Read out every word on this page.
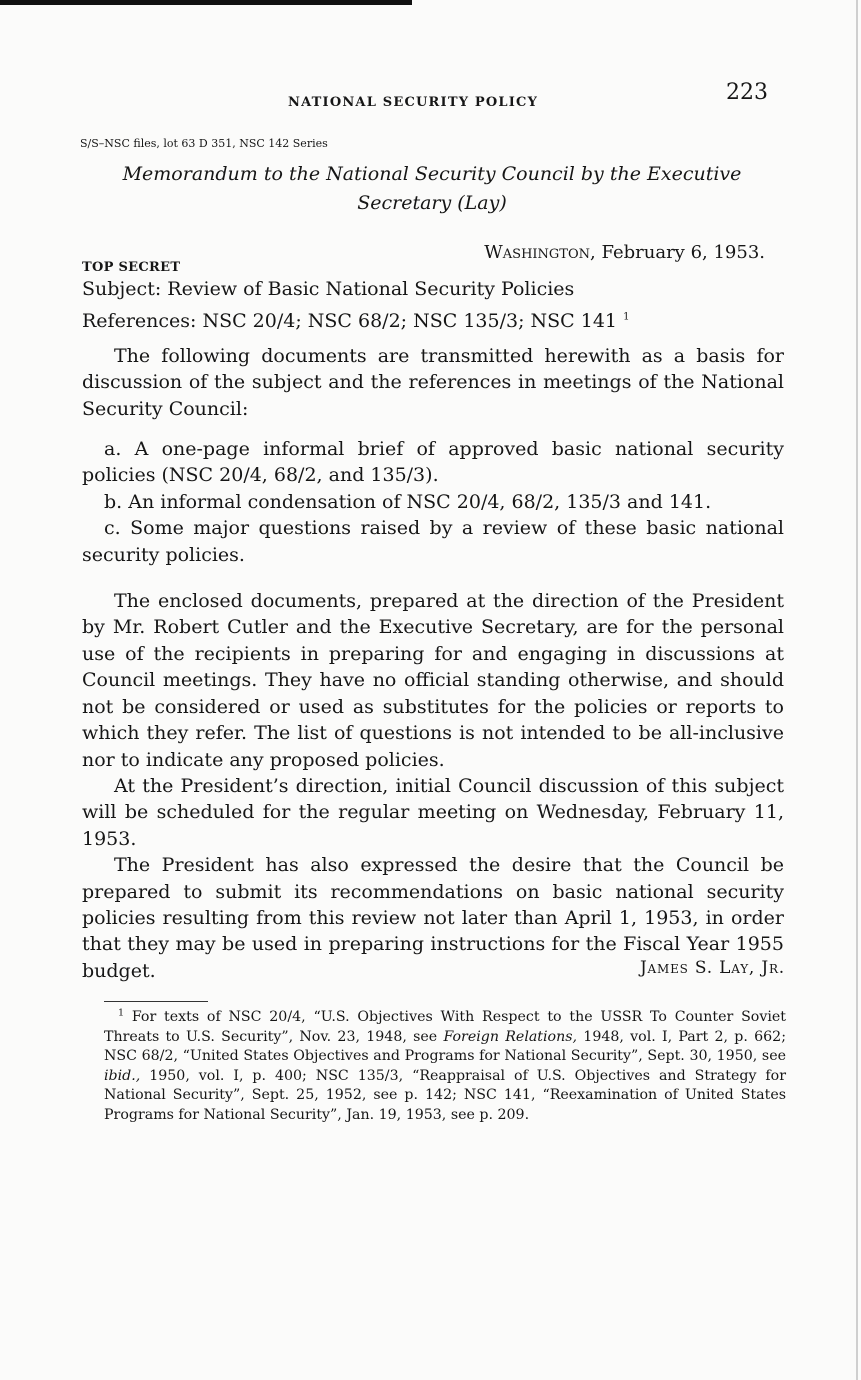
NATIONAL SECURITY POLICY	223
S/S–NSC files, lot 63 D 351, NSC 142 Series
Memorandum to the National Security Council by the Executive
Secretary (Lay)
TOP SECRET
Washington, February 6, 1953.

Subject: Review of Basic National Security Policies

References: NSC 20/4; NSC 68/2; NSC 135/3; NSC 141 $^1$

The following documents are transmitted herewith as a basis for discussion of the subject and the references in meetings of the National Security Council:

a. A one-page informal brief of approved basic national security policies (NSC 20/4, 68/2, and 135/3).

b. An informal condensation of NSC 20/4, 68/2, 135/3 and 141.

c. Some major questions raised by a review of these basic national security policies.

The enclosed documents, prepared at the direction of the President by Mr. Robert Cutler and the Executive Secretary, are for the personal use of the recipients in preparing for and engaging in discussions at Council meetings. They have no official standing otherwise, and should not be considered or used as substitutes for the policies or reports to which they refer. The list of questions is not intended to be all-inclusive nor to indicate any proposed policies.

At the President’s direction, initial Council discussion of this subject will be scheduled for the regular meeting on Wednesday, February 11, 1953.

The President has also expressed the desire that the Council be prepared to submit its recommendations on basic national security policies resulting from this review not later than April 1, 1953, in order that they may be used in preparing instructions for the Fiscal Year 1955 budget.	James S. Lay, Jr.
$^1$ For texts of NSC 20/4, “U.S. Objectives With Respect to the USSR To Counter Soviet Threats to U.S. Security”, Nov. 23, 1948, see Foreign Relations, 1948, vol. I, Part 2, p. 662; NSC 68/2, “United States Objectives and Programs for National Security”, Sept. 30, 1950, see ibid., 1950, vol. I, p. 400; NSC 135/3, “Reappraisal of U.S. Objectives and Strategy for National Security”, Sept. 25, 1952, see p. 142; NSC 141, “Reexamination of United States Programs for National Security”, Jan. 19, 1953, see p. 209.
